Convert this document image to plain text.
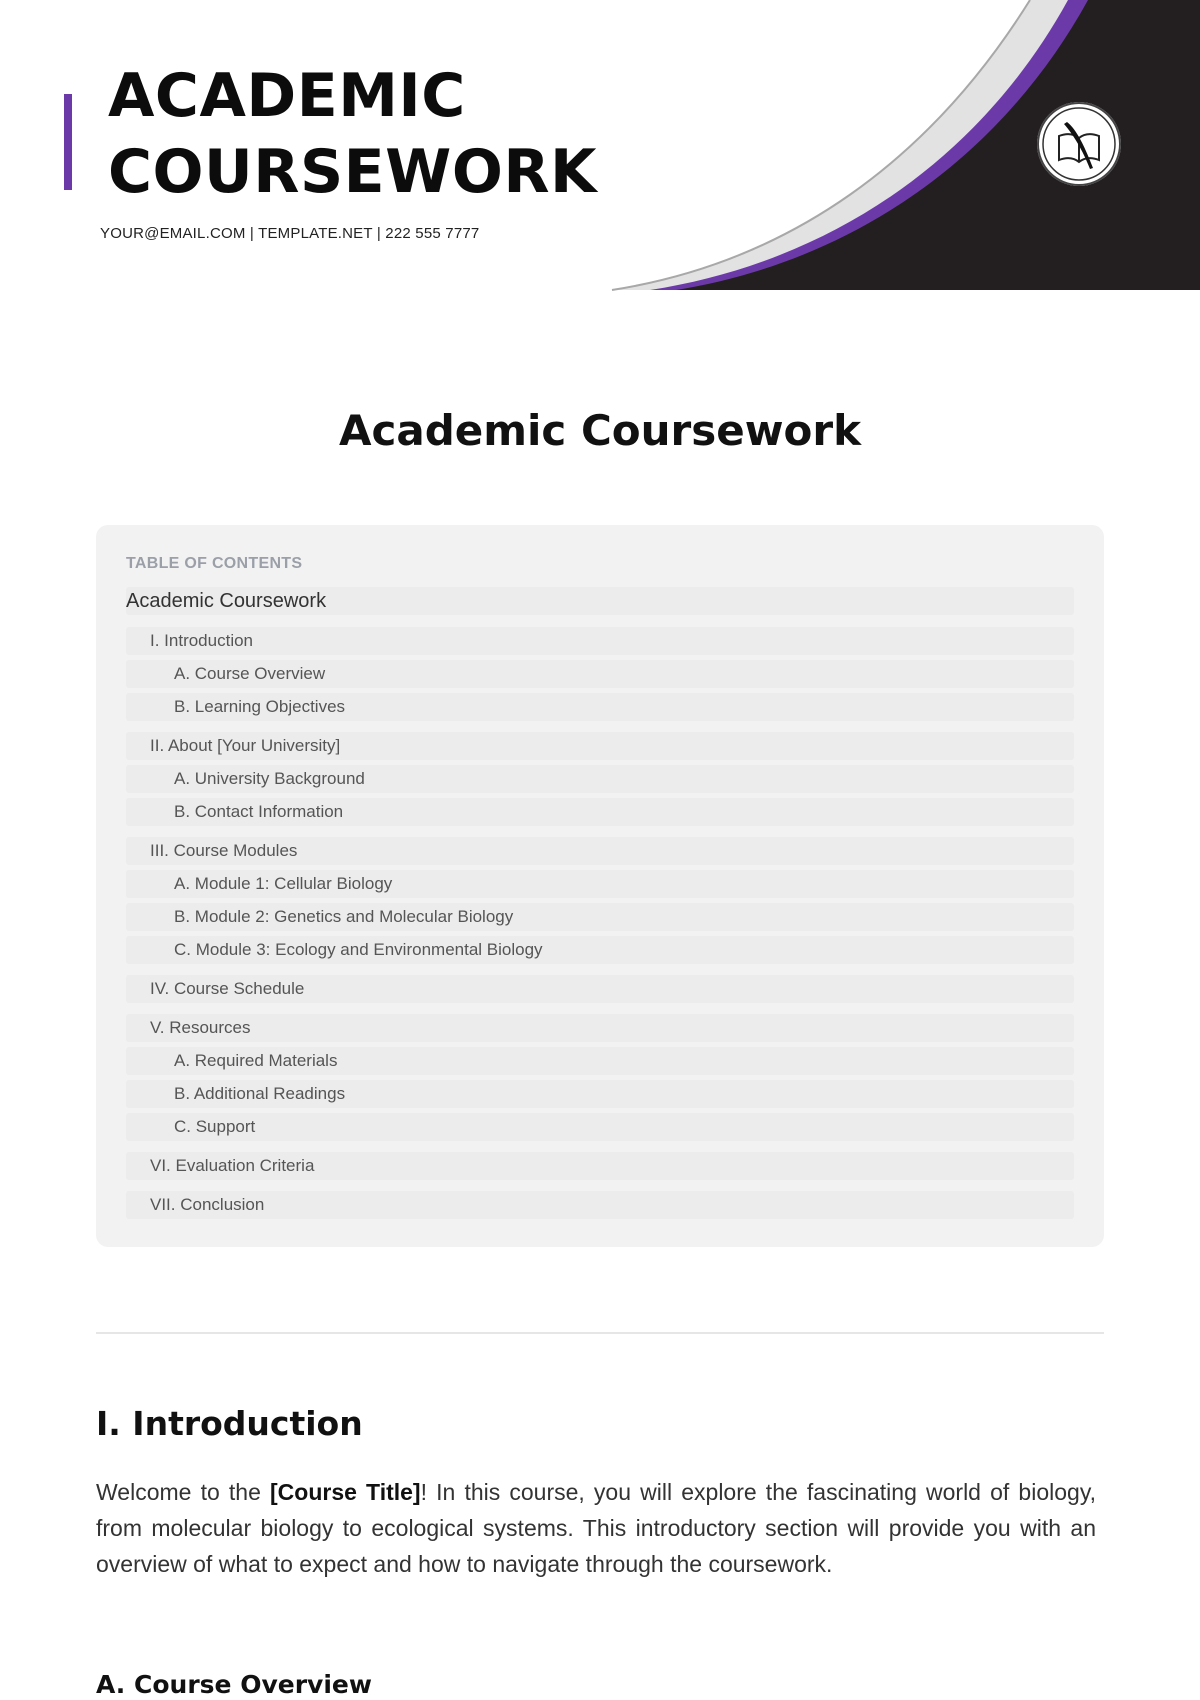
ACADEMIC
COURSEWORK
YOUR@EMAIL.COM | TEMPLATE.NET | 222 555 7777
Academic Coursework
TABLE OF CONTENTS
Academic Coursework
I. Introduction
A. Course Overview
B. Learning Objectives
II. About [Your University]
A. University Background
B. Contact Information
III. Course Modules
A. Module 1: Cellular Biology
B. Module 2: Genetics and Molecular Biology
C. Module 3: Ecology and Environmental Biology
IV. Course Schedule
V. Resources
A. Required Materials
B. Additional Readings
C. Support
VI. Evaluation Criteria
VII. Conclusion
I. Introduction

Welcome to the [Course Title]! In this course, you will explore the fascinating world of biology, from molecular biology to ecological systems. This introductory section will provide you with an overview of what to expect and how to navigate through the coursework.

A. Course Overview
